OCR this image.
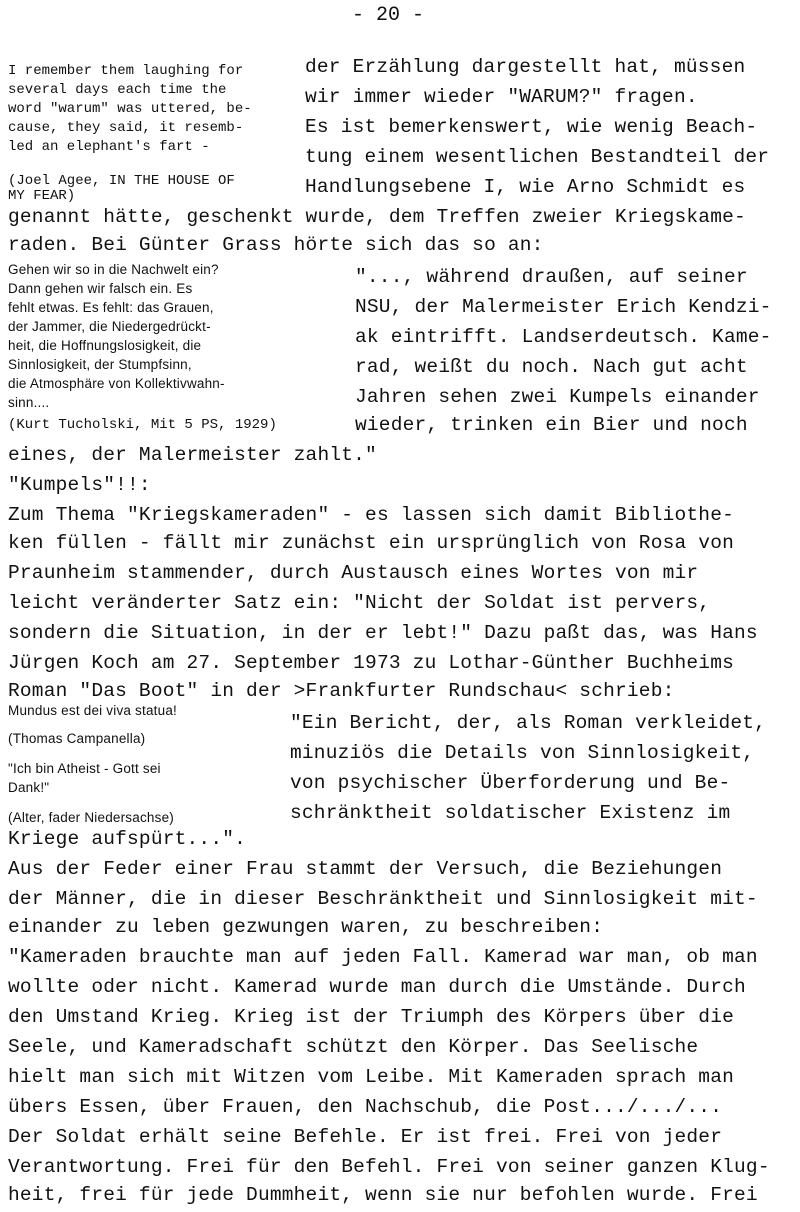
- 20 -
I remember them laughing for
several days each time the
word "warum" was uttered, be-
cause, they said, it resemb-
led an elephant's fart -
(Joel Agee, IN THE HOUSE OF
MY FEAR)
der Erzählung dargestellt hat, müssen
wir immer wieder "WARUM?" fragen.
Es ist bemerkenswert, wie wenig Beach-
tung einem wesentlichen Bestandteil der
Handlungsebene I, wie Arno Schmidt es
genannt hätte, geschenkt wurde, dem Treffen zweier Kriegskame-
raden. Bei Günter Grass hörte sich das so an:
Gehen wir so in die Nachwelt ein?
Dann gehen wir falsch ein. Es
fehlt etwas. Es fehlt: das Grauen,
der Jammer, die Niedergedrückt-
heit, die Hoffnungslosigkeit, die
Sinnlosigkeit, der Stumpfsinn,
die Atmosphäre von Kollektivwahn-
sinn....
(Kurt Tucholski, Mit 5 PS, 1929)
"..., während draußen, auf seiner
NSU, der Malermeister Erich Kendzi-
ak eintrifft. Landserdeutsch. Kame-
rad, weißt du noch. Nach gut acht
Jahren sehen zwei Kumpels einander
wieder, trinken ein Bier und noch
eines, der Malermeister zahlt."
"Kumpels"!!:
Zum Thema "Kriegskameraden" - es lassen sich damit Bibliothe-
ken füllen - fällt mir zunächst ein ursprünglich von Rosa von
Praunheim stammender, durch Austausch eines Wortes von mir
leicht veränderter Satz ein: "Nicht der Soldat ist pervers,
sondern die Situation, in der er lebt!" Dazu paßt das, was Hans
Jürgen Koch am 27. September 1973 zu Lothar-Günther Buchheims
Roman "Das Boot" in der >Frankfurter Rundschau< schrieb:
Mundus est dei viva statua!
(Thomas Campanella)
"Ich bin Atheist - Gott sei
Dank!"
(Alter, fader Niedersachse)
"Ein Bericht, der, als Roman verkleidet,
minuziös die Details von Sinnlosigkeit,
von psychischer Überforderung und Be-
schränktheit soldatischer Existenz im
Kriege aufspürt...".
Aus der Feder einer Frau stammt der Versuch, die Beziehungen
der Männer, die in dieser Beschränktheit und Sinnlosigkeit mit-
einander zu leben gezwungen waren, zu beschreiben:
"Kameraden brauchte man auf jeden Fall. Kamerad war man, ob man
wollte oder nicht. Kamerad wurde man durch die Umstände. Durch
den Umstand Krieg. Krieg ist der Triumph des Körpers über die
Seele, und Kameradschaft schützt den Körper. Das Seelische
hielt man sich mit Witzen vom Leibe. Mit Kameraden sprach man
übers Essen, über Frauen, den Nachschub, die Post.../.../...
Der Soldat erhält seine Befehle. Er ist frei. Frei von jeder
Verantwortung. Frei für den Befehl. Frei von seiner ganzen Klug-
heit, frei für jede Dummheit, wenn sie nur befohlen wurde. Frei
